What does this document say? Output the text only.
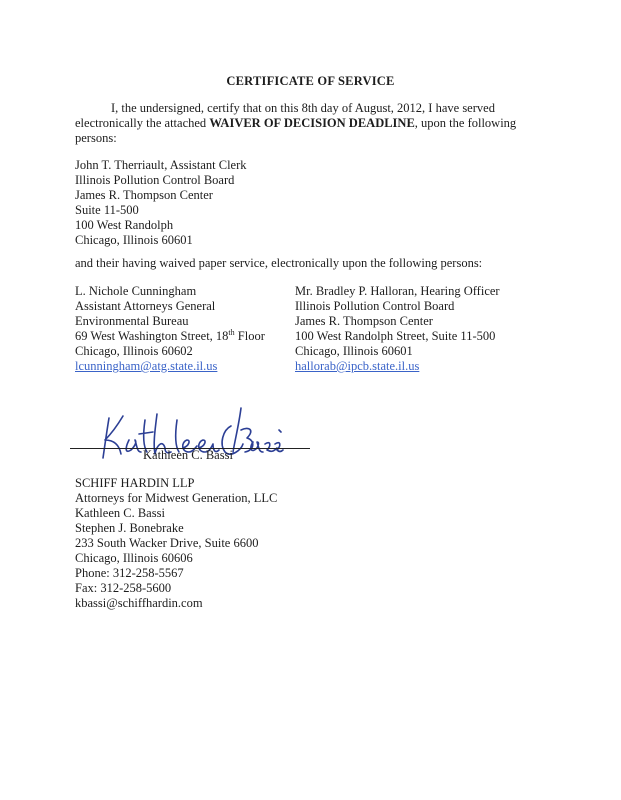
CERTIFICATE OF SERVICE
I, the undersigned, certify that on this 8th day of August, 2012, I have served
electronically the attached WAIVER OF DECISION DEADLINE, upon the following
persons:
John T. Therriault, Assistant Clerk
Illinois Pollution Control Board
James R. Thompson Center
Suite 11-500
100 West Randolph
Chicago, Illinois 60601
and their having waived paper service, electronically upon the following persons:
L. Nichole Cunningham
Assistant Attorneys General
Environmental Bureau
69 West Washington Street, 18th Floor
Chicago, Illinois 60602
lcunningham@atg.state.il.us
Mr. Bradley P. Halloran, Hearing Officer
Illinois Pollution Control Board
James R. Thompson Center
100 West Randolph Street, Suite 11-500
Chicago, Illinois 60601
hallorab@ipcb.state.il.us
Kathleen C. Bassi
SCHIFF HARDIN LLP
Attorneys for Midwest Generation, LLC
Kathleen C. Bassi
Stephen J. Bonebrake
233 South Wacker Drive, Suite 6600
Chicago, Illinois 60606
Phone: 312-258-5567
Fax: 312-258-5600
kbassi@schiffhardin.com
